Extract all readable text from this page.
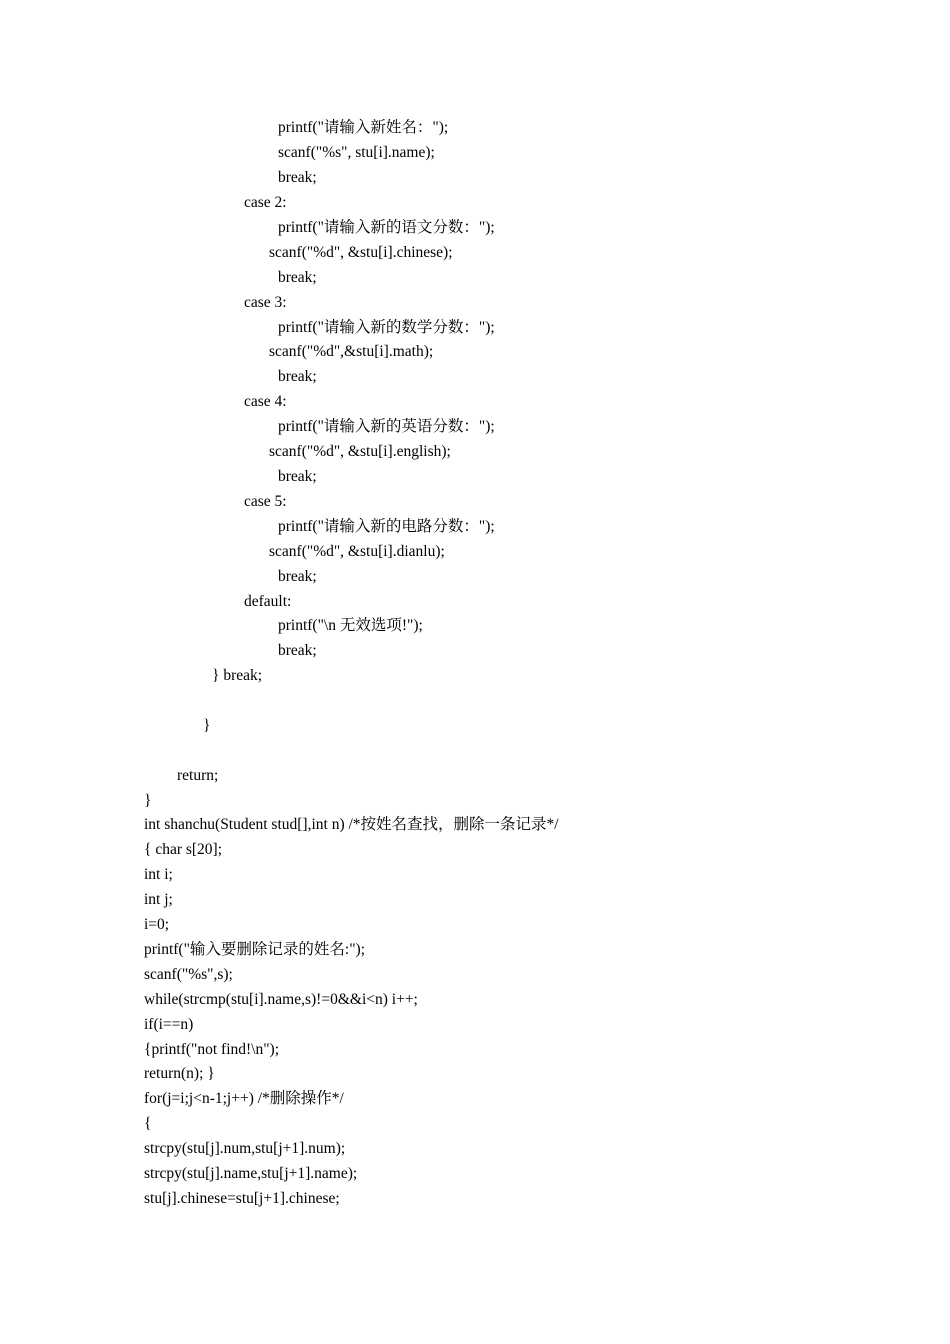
printf("请输入新姓名：");
scanf("%s", stu[i].name);
break;
case 2:
printf("请输入新的语文分数：");
scanf("%d", &stu[i].chinese);
break;
case 3:
printf("请输入新的数学分数：");
scanf("%d",&stu[i].math);
break;
case 4:
printf("请输入新的英语分数：");
scanf("%d", &stu[i].english);
break;
case 5:
printf("请输入新的电路分数：");
scanf("%d", &stu[i].dianlu);
break;
default:
printf("\n 无效选项!");
break;
} break;
}
return;
}
int shanchu(Student stud[],int n) /*按姓名查找，删除一条记录*/
{ char s[20];
int i;
int j;
i=0;
printf("输入要删除记录的姓名:");
scanf("%s",s);
while(strcmp(stu[i].name,s)!=0&&i<n) i++;
if(i==n)
{printf("not find!\n");
return(n); }
for(j=i;j<n-1;j++) /*删除操作*/
{
strcpy(stu[j].num,stu[j+1].num);
strcpy(stu[j].name,stu[j+1].name);
stu[j].chinese=stu[j+1].chinese;
